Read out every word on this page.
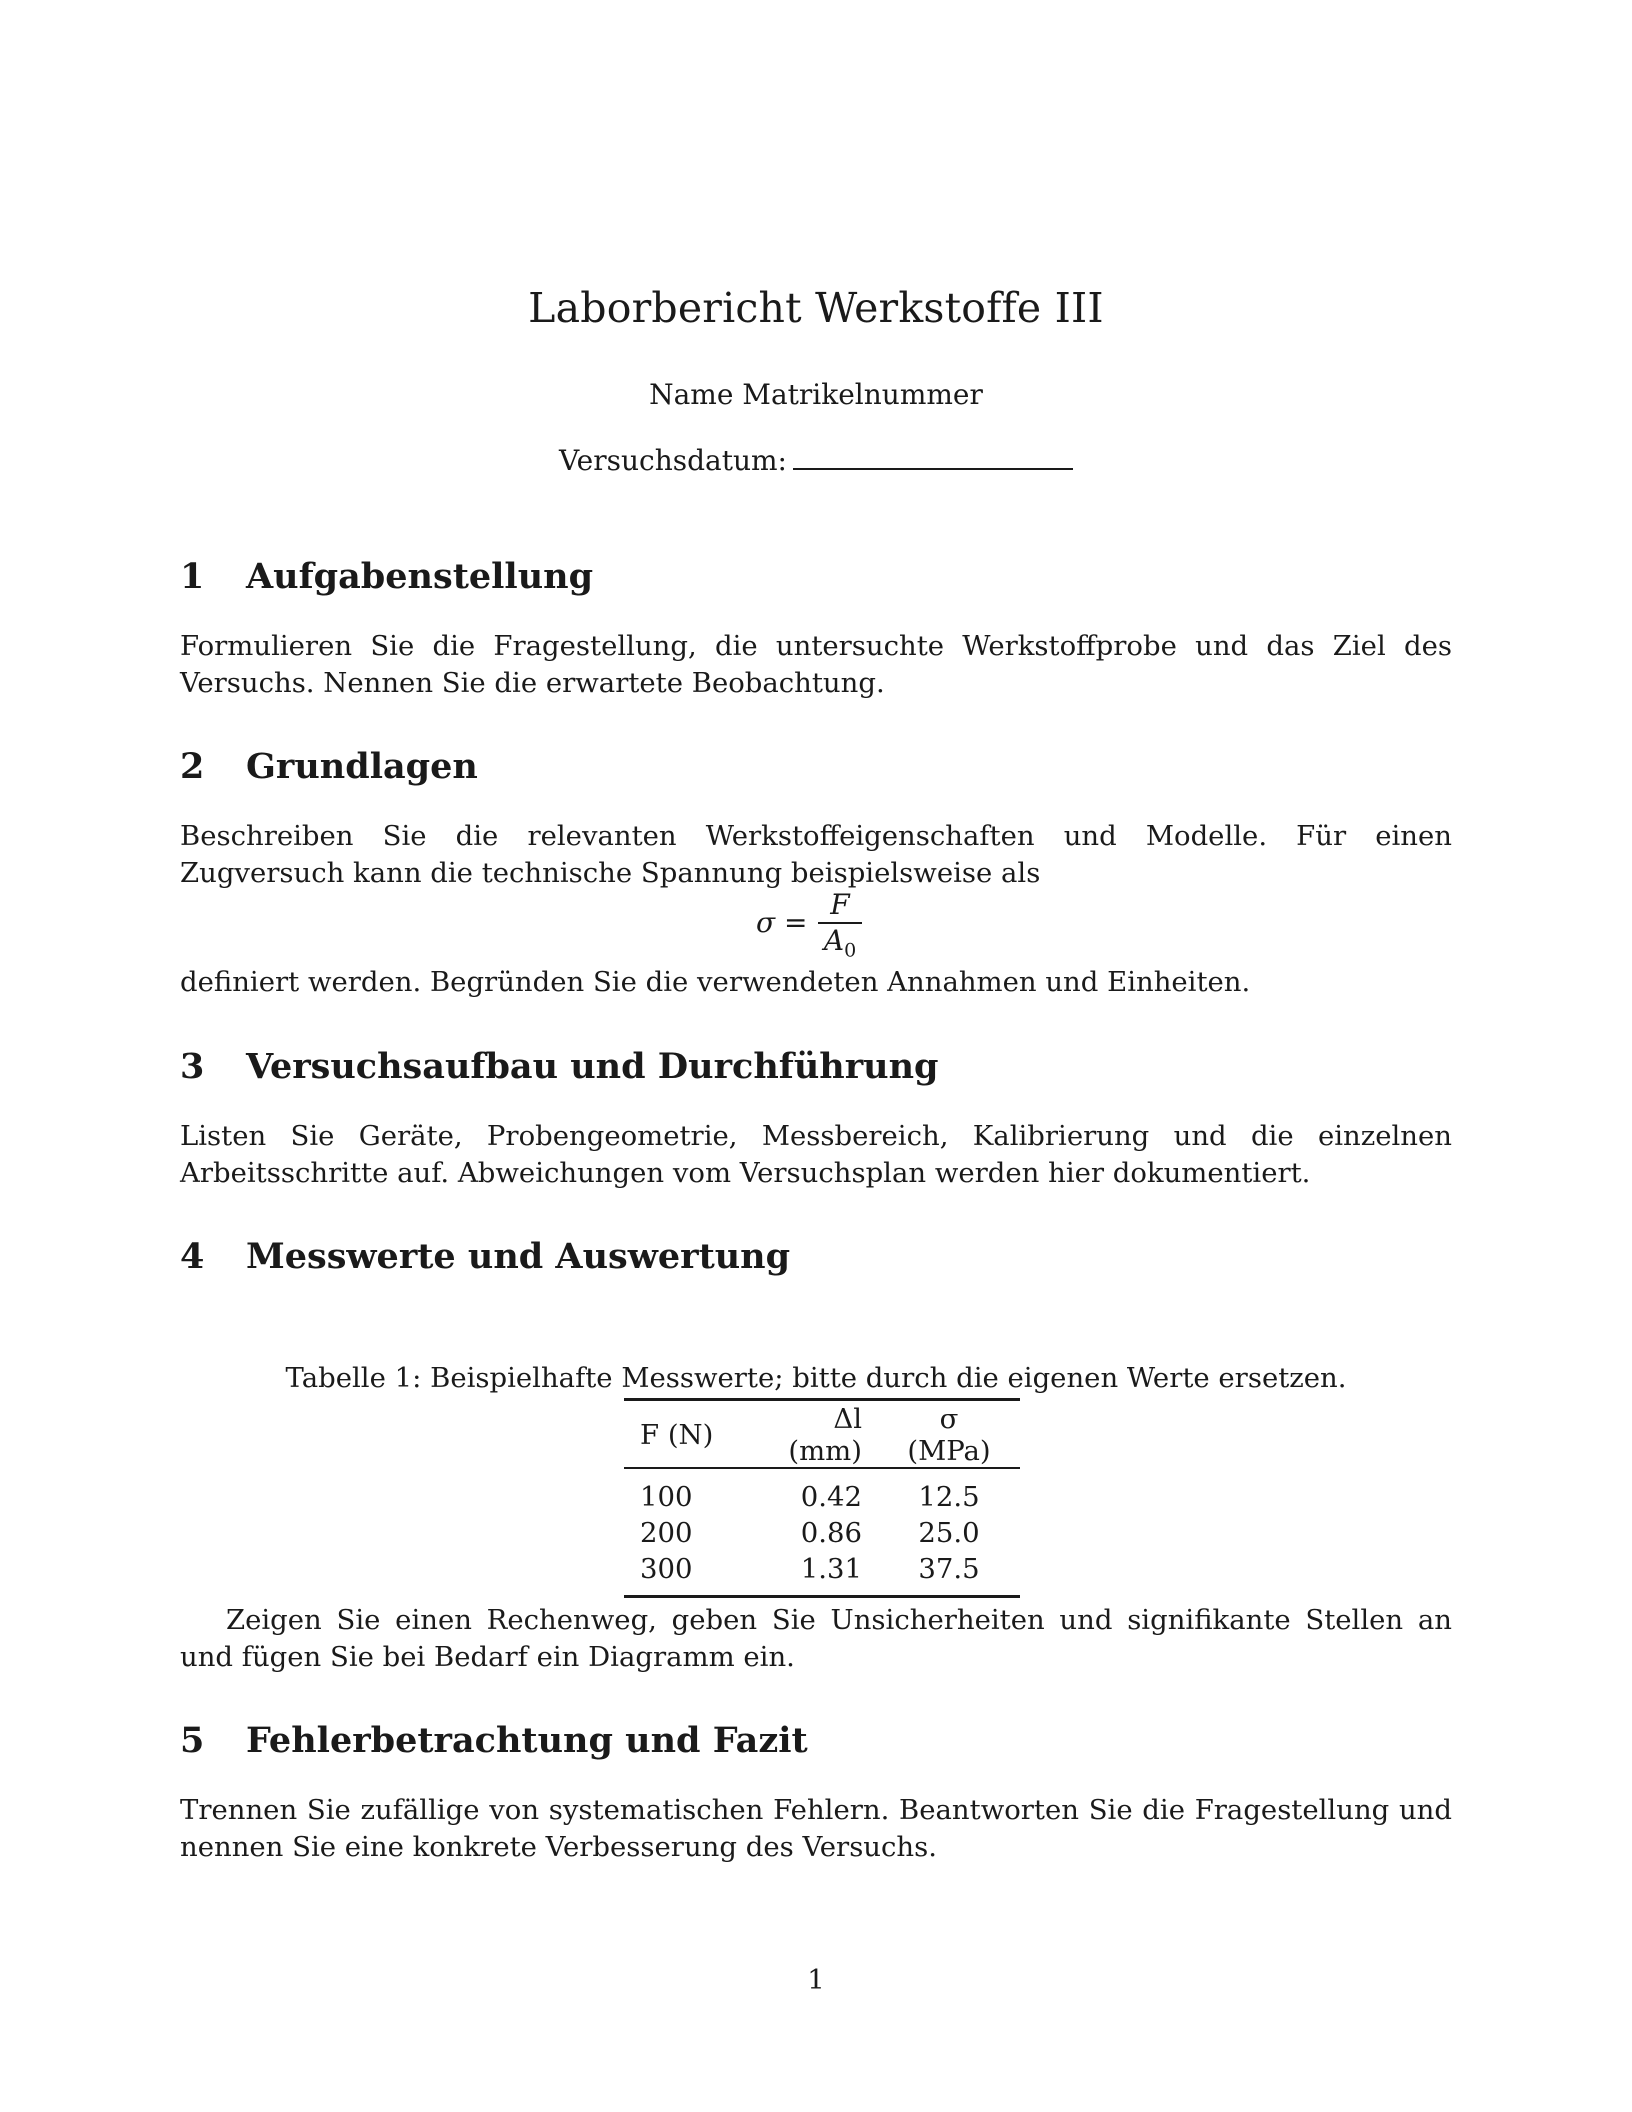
Laborbericht Werkstoffe III
Name Matrikelnummer
Versuchsdatum:
1 Aufgabenstellung

Formulieren Sie die Fragestellung, die untersuchte Werkstoffprobe und das Ziel des Versuchs. Nennen Sie die erwartete Beobachtung.

2 Grundlagen

Beschreiben Sie die relevanten Werkstoffeigenschaften und Modelle. Für einen Zugversuch kann die technische Spannung beispielsweise als

σ =
F
$A_0$

definiert werden. Begründen Sie die verwendeten Annahmen und Einheiten.

3 Versuchsaufbau und Durchführung

Listen Sie Geräte, Probengeometrie, Messbereich, Kalibrierung und die einzelnen Arbeitsschritte auf. Abweichungen vom Versuchsplan werden hier dokumentiert.

4 Messwerte und Auswertung
Tabelle 1: Beispielhafte Messwerte; bitte durch die eigenen Werte ersetzen.
F (N)	Δl (mm)	σ (MPa)
100	0.42	12.5
200	0.86	25.0
300	1.31	37.5

Zeigen Sie einen Rechenweg, geben Sie Unsicherheiten und signifikante Stellen an und fügen Sie bei Bedarf ein Diagramm ein.

5 Fehlerbetrachtung und Fazit

Trennen Sie zufällige von systematischen Fehlern. Beantworten Sie die Fragestellung und nennen Sie eine konkrete Verbesserung des Versuchs.

1
